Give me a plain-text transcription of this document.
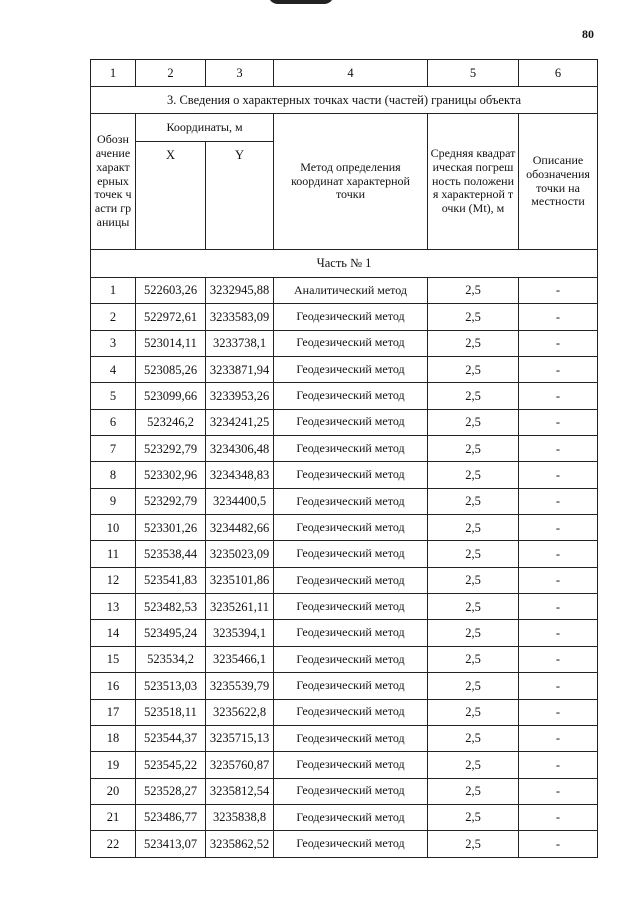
80
1	2	3	4	5	6
3. Сведения о характерных точках части (частей) границы объекта					

Обозначение характерных точек части границы	Координаты, м		Метод определения координат характерной точки	Средняя квадратическая погрешность положения характерной точки (Mt), м	Описание обозначения точки на местности

	X	Y			
Часть № 1					
1	522603,26	3232945,88	Аналитический метод	2,5	-
2	522972,61	3233583,09	Геодезический метод	2,5	-
3	523014,11	3233738,1	Геодезический метод	2,5	-
4	523085,26	3233871,94	Геодезический метод	2,5	-
5	523099,66	3233953,26	Геодезический метод	2,5	-
6	523246,2	3234241,25	Геодезический метод	2,5	-
7	523292,79	3234306,48	Геодезический метод	2,5	-
8	523302,96	3234348,83	Геодезический метод	2,5	-
9	523292,79	3234400,5	Геодезический метод	2,5	-
10	523301,26	3234482,66	Геодезический метод	2,5	-
11	523538,44	3235023,09	Геодезический метод	2,5	-
12	523541,83	3235101,86	Геодезический метод	2,5	-
13	523482,53	3235261,11	Геодезический метод	2,5	-
14	523495,24	3235394,1	Геодезический метод	2,5	-
15	523534,2	3235466,1	Геодезический метод	2,5	-
16	523513,03	3235539,79	Геодезический метод	2,5	-
17	523518,11	3235622,8	Геодезический метод	2,5	-
18	523544,37	3235715,13	Геодезический метод	2,5	-
19	523545,22	3235760,87	Геодезический метод	2,5	-
20	523528,27	3235812,54	Геодезический метод	2,5	-
21	523486,77	3235838,8	Геодезический метод	2,5	-
22	523413,07	3235862,52	Геодезический метод	2,5	-
